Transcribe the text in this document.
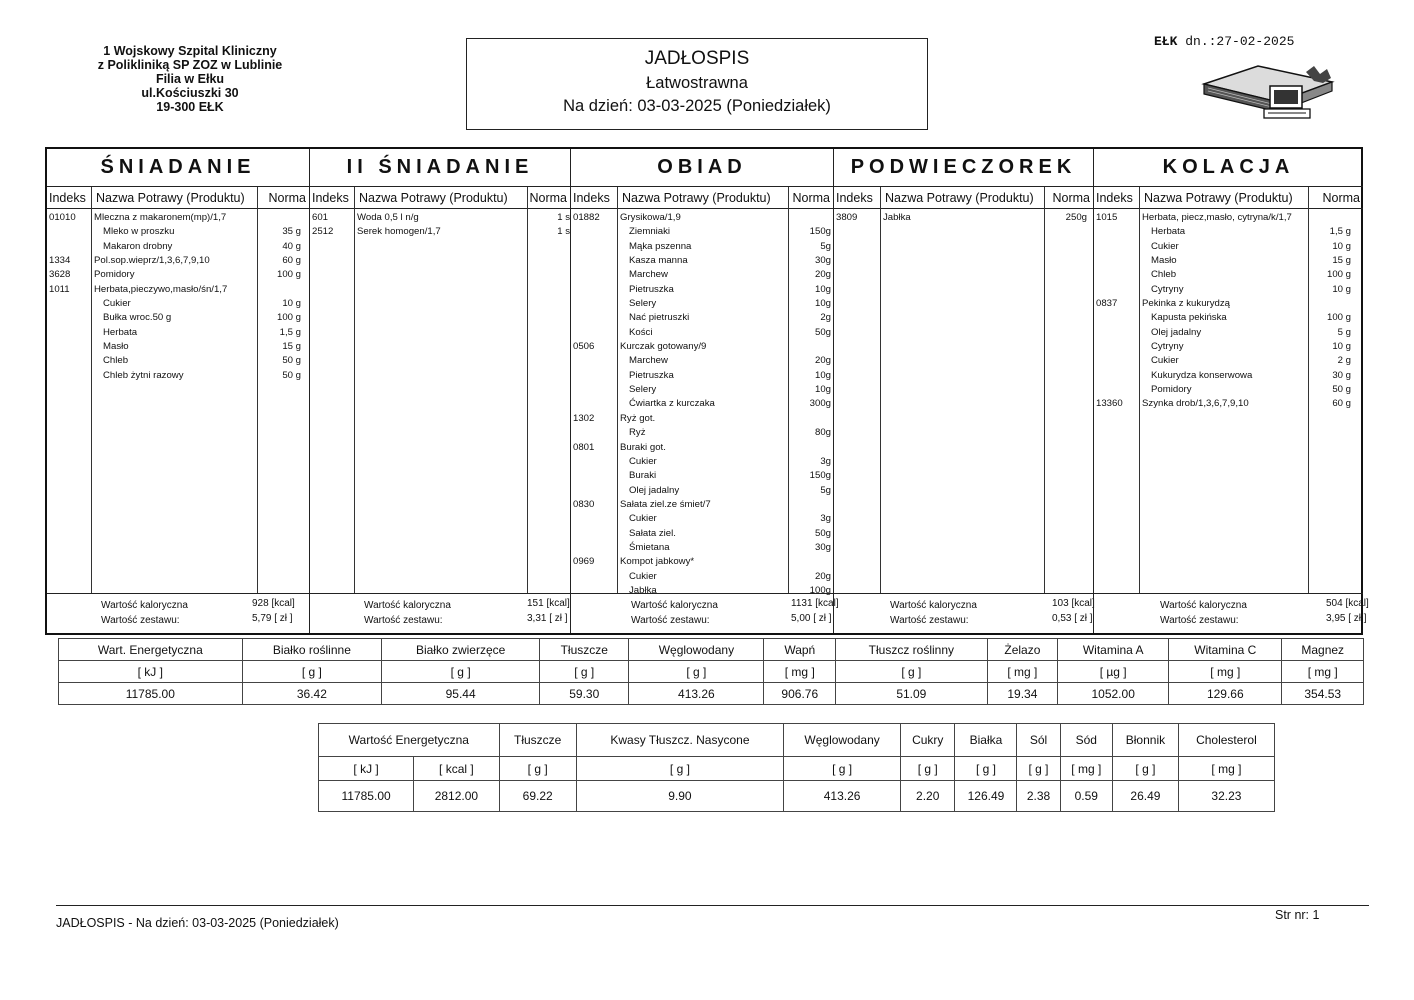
1 Wojskowy Szpital Kliniczny
z Polikliniką SP ZOZ w Lublinie
Filia w Ełku
ul.Kościuszki 30
19-300 EŁK
JADŁOSPIS
Łatwostrawna
Na dzień: 03-03-2025 (Poniedziałek)
EŁK dn.:27-02-2025
ŚNIADANIE
Indeks Nazwa Potrawy (Produktu) Norma
01010 Mleczna z makaronem(mp)/1,7
Mleko w proszku	35 g
Makaron drobny	40 g
1334 Pol.sop.wieprz/1,3,6,7,9,10	60 g
3628 Pomidory	100 g
1011	Herbata,pieczywo,masło/śn/1,7
Cukier	10 g
Bułka wroc.50 g	100 g
Herbata	1,5 g
Masło	15 g
Chleb	50 g
Chleb żytni razowy	50 g
Wartość kaloryczna	928 [kcal]
Wartość zestawu:	5,79 [ zł ]
II ŚNIADANIE
Indeks Nazwa Potrawy (Produktu) Norma
601	Woda 0,5 l n/g	1 s
2512 Serek homogen/1,7	1 s
Wartość kaloryczna	151 [kcal]
Wartość zestawu:	3,31 [ zł ]
OBIAD
Indeks Nazwa Potrawy (Produktu) Norma
01882 Grysikowa/1,9
Ziemniaki	150g
Mąka pszenna	5g
Kasza manna	30g
Marchew	20g
Pietruszka	10g
Selery	10g
Nać pietruszki	2g
Kości	50g
0506	Kurczak gotowany/9
Marchew	20g
Pietruszka	10g
Selery	10g
Ćwiartka z kurczaka	300g
1302	Ryż got.
Ryż	80g
0801	Buraki got.
Cukier	3g
Buraki	150g
Olej jadalny	5g
0830	Sałata ziel.ze śmiet/7
Cukier	3g
Sałata ziel.	50g
Śmietana	30g
0969	Kompot jabkowy*
Cukier	20g
Jabłka	100g
Wartość kaloryczna	1131 [kcal]
Wartość zestawu:	5,00 [ zł ]
PODWIECZOREK
Indeks Nazwa Potrawy (Produktu) Norma
3809	Jabłka	250g
Wartość kaloryczna	103 [kcal]
Wartość zestawu:	0,53 [ zł ]
KOLACJA
Indeks Nazwa Potrawy (Produktu) Norma
1015	Herbata, piecz,masło, cytryna/k/1,7
Herbata	1,5 g
Cukier	10 g
Masło	15 g
Chleb	100 g
Cytryny	10 g
0837	Pekinka z kukurydzą
Kapusta pekińska	100 g
Olej jadalny	5 g
Cytryny	10 g
Cukier	2 g
Kukurydza konserwowa	30 g
Pomidory	50 g
13360 Szynka drob/1,3,6,7,9,10	60 g
Wartość kaloryczna	504 [kcal]
Wartość zestawu:	3,95 [ zł ]
Wart. Energetyczna	Białko roślinne	Białko zwierzęce	Tłuszcze	Węglowodany	Wapń	Tłuszcz roślinny	Żelazo	Witamina A	Witamina C	Magnez
[ kJ ]	[ g ]	[ g ]	[ g ]	[ g ]	[ mg ]	[ g ]	[ mg ]	[ µg ]	[ mg ]	[ mg ]
11785.00	36.42	95.44	59.30	413.26	906.76	51.09	19.34	1052.00	129.66	354.53
Wartość Energetyczna		Tłuszcze	Kwasy Tłuszcz. Nasycone	Węglowodany	Cukry	Białka	Sól	Sód	Błonnik	Cholesterol
[ kJ ]	[ kcal ]	[ g ]	[ g ]	[ g ]	[ g ]	[ g ]	[ g ]	[ mg ]	[ g ]	[ mg ]
11785.00	2812.00	69.22	9.90	413.26	2.20	126.49	2.38	0.59	26.49	32.23
JADŁOSPIS - Na dzień: 03-03-2025 (Poniedziałek)
Str nr: 1
